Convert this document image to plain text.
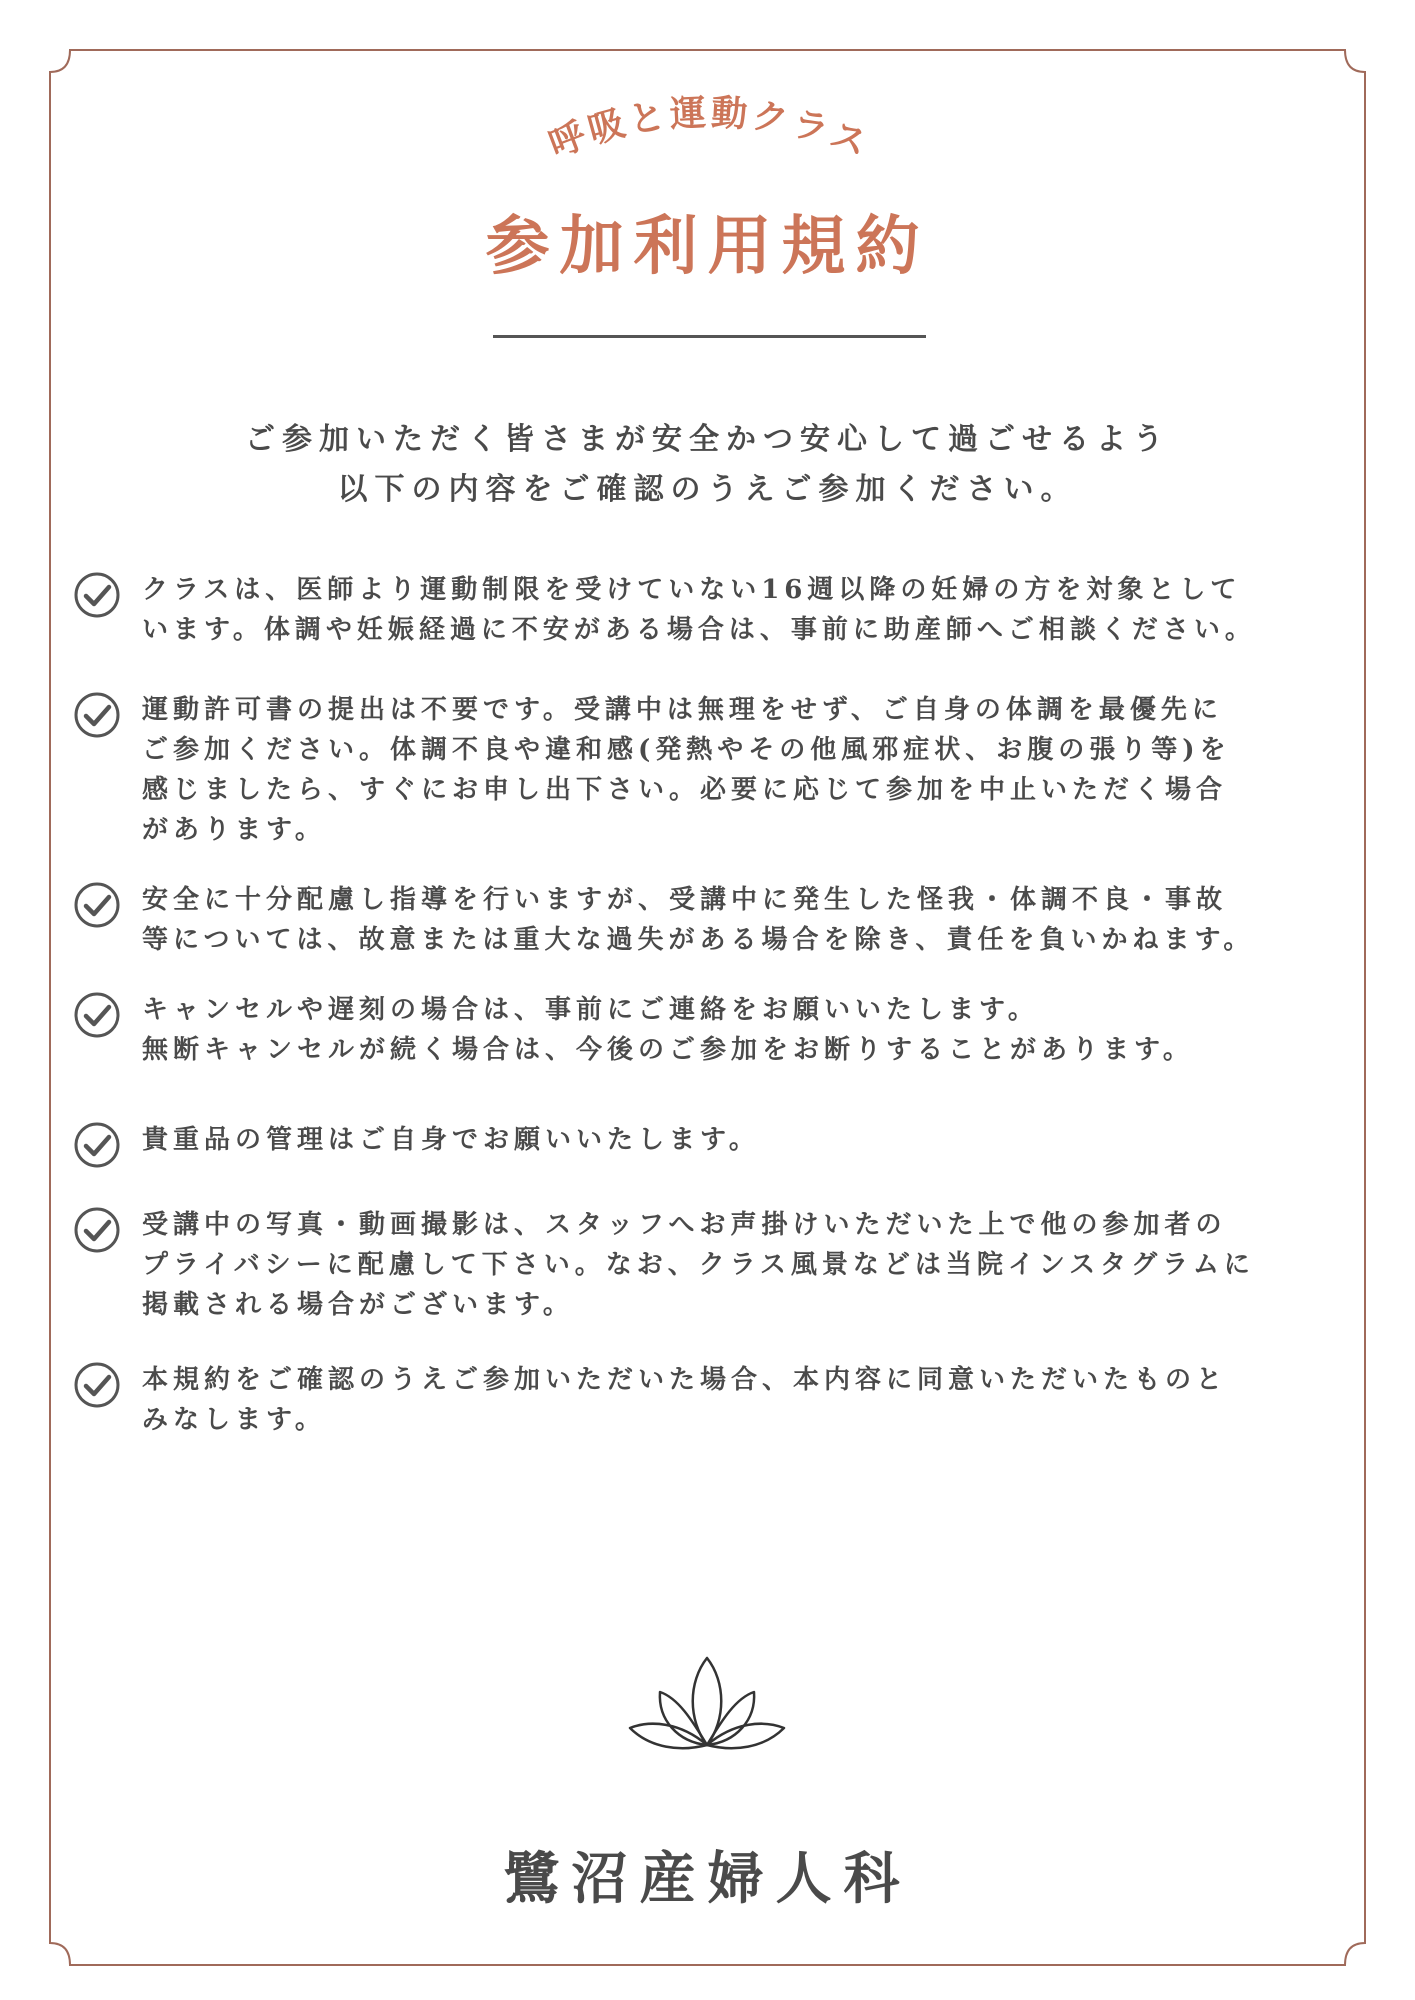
呼吸と運動クラス
参加利用規約
ご参加いただく皆さまが安全かつ安心して過ごせるよう
以下の内容をご確認のうえご参加ください。
クラスは、医師より運動制限を受けていない16週以降の妊婦の方を対象として
います。体調や妊娠経過に不安がある場合は、事前に助産師へご相談ください。
運動許可書の提出は不要です。受講中は無理をせず、ご自身の体調を最優先に
ご参加ください。体調不良や違和感(発熱やその他風邪症状、お腹の張り等)を
感じましたら、すぐにお申し出下さい。必要に応じて参加を中止いただく場合
があります。
安全に十分配慮し指導を行いますが、受講中に発生した怪我・体調不良・事故
等については、故意または重大な過失がある場合を除き、責任を負いかねます。
キャンセルや遅刻の場合は、事前にご連絡をお願いいたします。
無断キャンセルが続く場合は、今後のご参加をお断りすることがあります。
貴重品の管理はご自身でお願いいたします。
受講中の写真・動画撮影は、スタッフへお声掛けいただいた上で他の参加者の
プライバシーに配慮して下さい。なお、クラス風景などは当院インスタグラムに
掲載される場合がございます。
本規約をご確認のうえご参加いただいた場合、本内容に同意いただいたものと
みなします。
鷺沼産婦人科
